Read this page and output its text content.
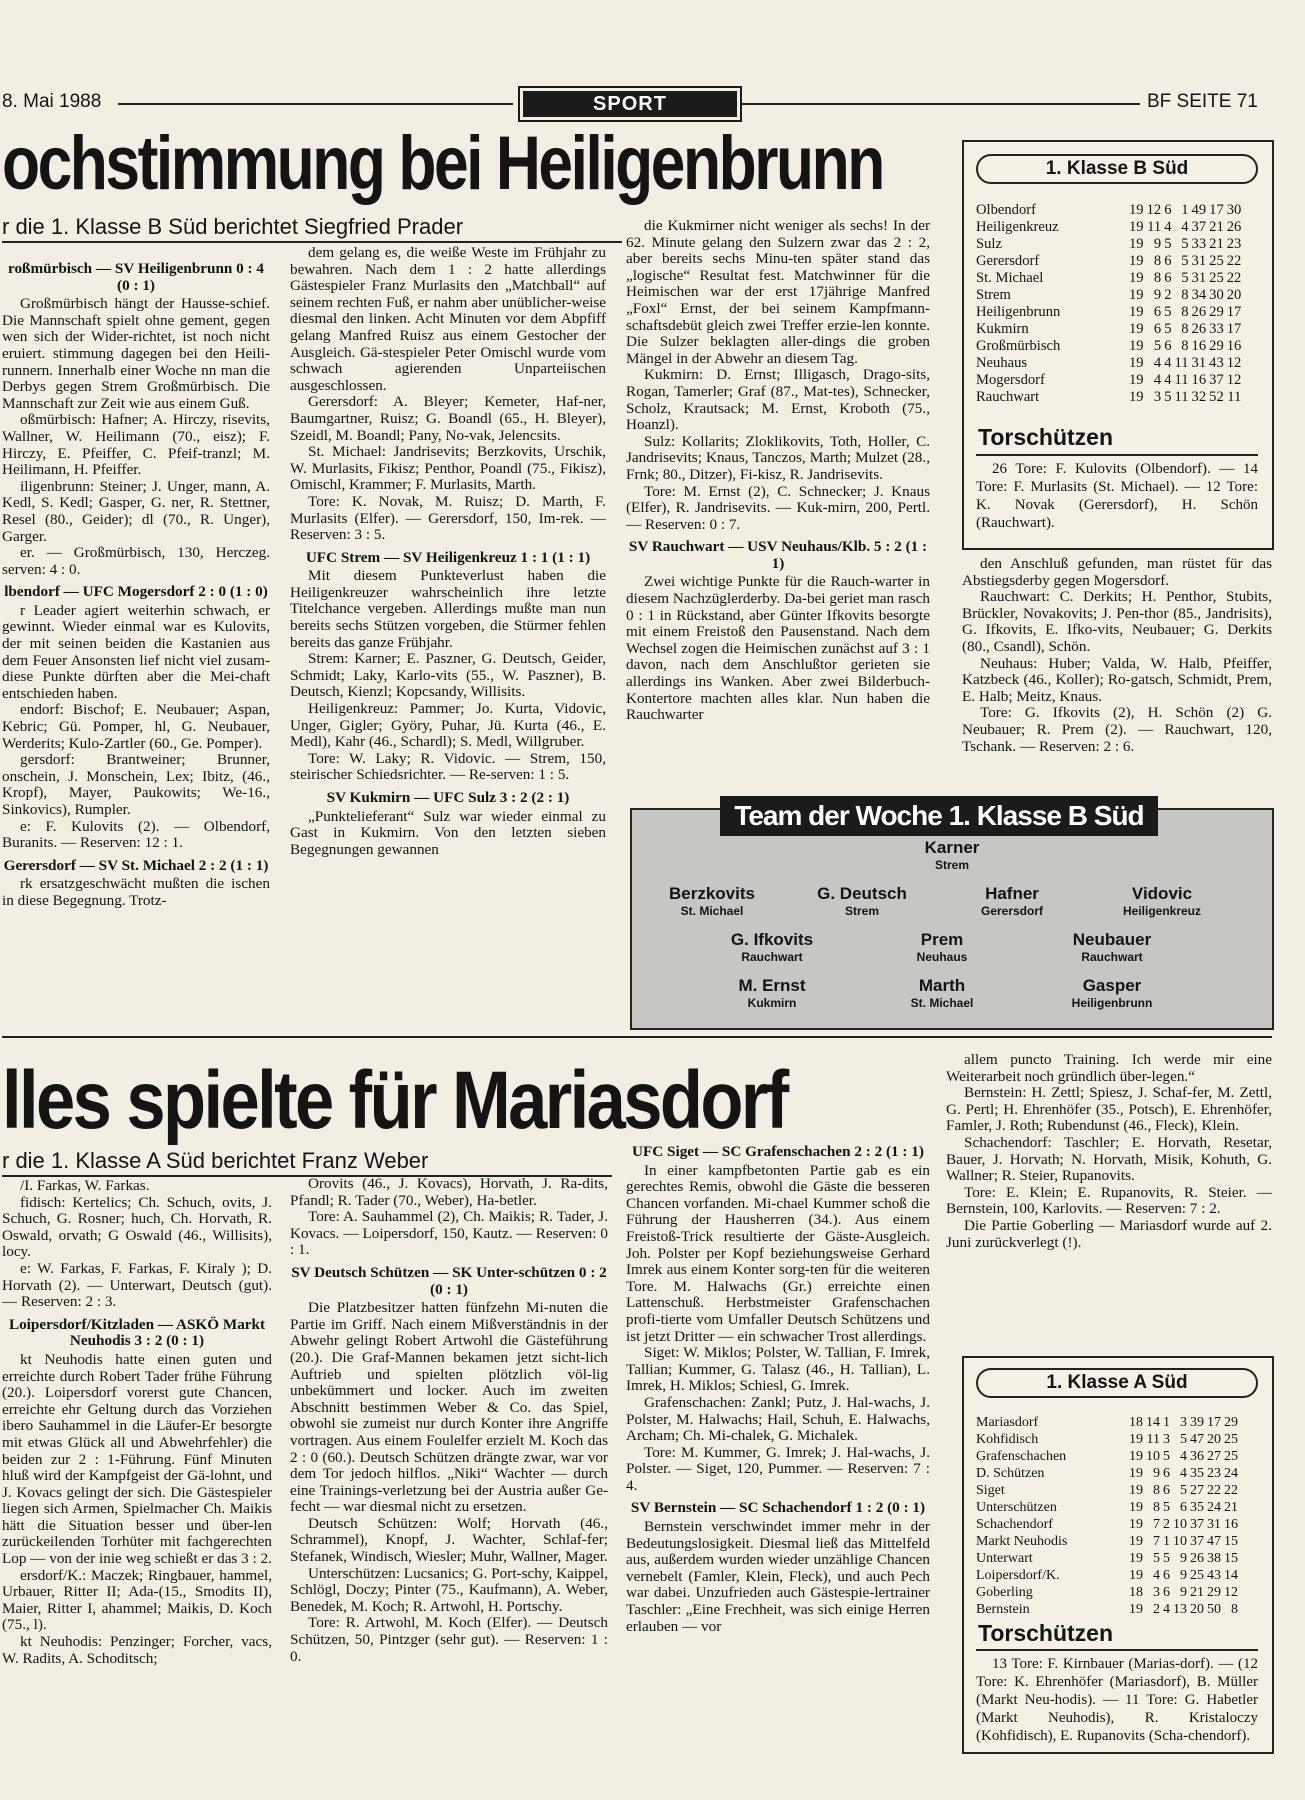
8. Mai 1988	SPORT	BF SEITE 71
ochstimmung bei Heiligenbrunn
r die 1. Klasse B Süd berichtet Siegfried Prader

roßmürbisch — SV Heiligenbrunn 0 : 4 (0 : 1)

Großmürbisch hängt der Hausse-schief. Die Mannschaft spielt ohne gement, gegen wen sich der Wider-richtet, ist noch nicht eruiert. stimmung dagegen bei den Heili-runnern. Innerhalb einer Woche nn man die Derbys gegen Strem Großmürbisch. Die Mannschaft zur Zeit wie aus einem Guß.

oßmürbisch: Hafner; A. Hirczy, risevits, Wallner, W. Heilimann (70., eisz); F. Hirczy, E. Pfeiffer, C. Pfeif-tranzl; M. Heilimann, H. Pfeiffer.

iligenbrunn: Steiner; J. Unger, mann, A. Kedl, S. Kedl; Gasper, G. ner, R. Stettner, Resel (80., Geider); dl (70., R. Unger), Garger.

er. — Großmürbisch, 130, Herczeg. serven: 4 : 0.

lbendorf — UFC Mogersdorf 2 : 0 (1 : 0)

r Leader agiert weiterhin schwach, er gewinnt. Wieder einmal war es Kulovits, der mit seinen beiden die Kastanien aus dem Feuer Ansonsten lief nicht viel zusam-diese Punkte dürften aber die Mei-chaft entschieden haben.

endorf: Bischof; E. Neubauer; Aspan, Kebric; Gü. Pomper, hl, G. Neubauer, Werderits; Kulo-Zartler (60., Ge. Pomper).

gersdorf: Brantweiner; Brunner, onschein, J. Monschein, Lex; Ibitz, (46., Kropf), Mayer, Paukowits; We-16., Sinkovics), Rumpler.

e: F. Kulovits (2). — Olbendorf, Buranits. — Reserven: 12 : 1.

Gerersdorf — SV St. Michael 2 : 2 (1 : 1)

rk ersatzgeschwächt mußten die ischen in diese Begegnung. Trotz-

dem gelang es, die weiße Weste im Frühjahr zu bewahren. Nach dem 1 : 2 hatte allerdings Gästespieler Franz Murlasits den „Matchball“ auf seinem rechten Fuß, er nahm aber unüblicher-weise diesmal den linken. Acht Minuten vor dem Abpfiff gelang Manfred Ruisz aus einem Gestocher der Ausgleich. Gä-stespieler Peter Omischl wurde vom schwach agierenden Unparteiischen ausgeschlossen.

Gerersdorf: A. Bleyer; Kemeter, Haf-ner, Baumgartner, Ruisz; G. Boandl (65., H. Bleyer), Szeidl, M. Boandl; Pany, No-vak, Jelencsits.

St. Michael: Jandrisevits; Berzkovits, Urschik, W. Murlasits, Fikisz; Penthor, Poandl (75., Fikisz), Omischl, Krammer; F. Murlasits, Marth.

Tore: K. Novak, M. Ruisz; D. Marth, F. Murlasits (Elfer). — Gerersdorf, 150, Im-rek. — Reserven: 3 : 5.

UFC Strem — SV Heiligenkreuz 1 : 1 (1 : 1)

Mit diesem Punkteverlust haben die Heiligenkreuzer wahrscheinlich ihre letzte Titelchance vergeben. Allerdings mußte man nun bereits sechs Stützen vorgeben, die Stürmer fehlen bereits das ganze Frühjahr.

Strem: Karner; E. Paszner, G. Deutsch, Geider, Schmidt; Laky, Karlo-vits (55., W. Paszner), B. Deutsch, Kienzl; Kopcsandy, Willisits.

Heiligenkreuz: Pammer; Jo. Kurta, Vidovic, Unger, Gigler; Györy, Puhar, Jü. Kurta (46., E. Medl), Kahr (46., Schardl); S. Medl, Willgruber.

Tore: W. Laky; R. Vidovic. — Strem, 150, steirischer Schiedsrichter. — Re-serven: 1 : 5.

SV Kukmirn — UFC Sulz 3 : 2 (2 : 1)

„Punktelieferant“ Sulz war wieder einmal zu Gast in Kukmirn. Von den letzten sieben Begegnungen gewannen

die Kukmirner nicht weniger als sechs! In der 62. Minute gelang den Sulzern zwar das 2 : 2, aber bereits sechs Minu-ten später stand das „logische“ Resultat fest. Matchwinner für die Heimischen war der erst 17jährige Manfred „Foxl“ Ernst, der bei seinem Kampfmann-schaftsdebüt gleich zwei Treffer erzie-len konnte. Die Sulzer beklagten aller-dings die groben Mängel in der Abwehr an diesem Tag.

Kukmirn: D. Ernst; Illigasch, Drago-sits, Rogan, Tamerler; Graf (87., Mat-tes), Schnecker, Scholz, Krautsack; M. Ernst, Kroboth (75., Hoanzl).

Sulz: Kollarits; Zloklikovits, Toth, Holler, C. Jandrisevits; Knaus, Tanczos, Marth; Mulzet (28., Frnk; 80., Ditzer), Fi-kisz, R. Jandrisevits.

Tore: M. Ernst (2), C. Schnecker; J. Knaus (Elfer), R. Jandrisevits. — Kuk-mirn, 200, Pertl. — Reserven: 0 : 7.

SV Rauchwart — USV Neuhaus/Klb. 5 : 2 (1 : 1)

Zwei wichtige Punkte für die Rauch-warter in diesem Nachzüglerderby. Da-bei geriet man rasch 0 : 1 in Rückstand, aber Günter Ifkovits besorgte mit einem Freistoß den Pausenstand. Nach dem Wechsel zogen die Heimischen zunächst auf 3 : 1 davon, nach dem Anschlußtor gerieten sie allerdings ins Wanken. Aber zwei Bilderbuch-Kontertore machten alles klar. Nun haben die Rauchwarter

den Anschluß gefunden, man rüstet für das Abstiegsderby gegen Mogersdorf.

Rauchwart: C. Derkits; H. Penthor, Stubits, Brückler, Novakovits; J. Pen-thor (85., Jandrisits), G. Ifkovits, E. Ifko-vits, Neubauer; G. Derkits (80., Csandl), Schön.

Neuhaus: Huber; Valda, W. Halb, Pfeiffer, Katzbeck (46., Koller); Ro-gatsch, Schmidt, Prem, E. Halb; Meitz, Knaus.

Tore: G. Ifkovits (2), H. Schön (2) G. Neubauer; R. Prem (2). — Rauchwart, 120, Tschank. — Reserven: 2 : 6.

1. Klasse B Süd
Olbendorf	19	12	6	1	49	17	30
Heiligenkreuz	19	11	4	4	37	21	26
Sulz	19	9	5	5	33	21	23
Gerersdorf	19	8	6	5	31	25	22
St. Michael	19	8	6	5	31	25	22
Strem	19	9	2	8	34	30	20
Heiligenbrunn	19	6	5	8	26	29	17
Kukmirn	19	6	5	8	26	33	17
Großmürbisch	19	5	6	8	16	29	16
Neuhaus	19	4	4	11	31	43	12
Mogersdorf	19	4	4	11	16	37	12
Rauchwart	19	3	5	11	32	52	11
Torschützen
26 Tore: F. Kulovits (Olbendorf). — 14 Tore: F. Murlasits (St. Michael). — 12 Tore: K. Novak (Gerersdorf), H. Schön (Rauchwart).
Team der Woche 1. Klasse B Süd
Karner
Strem
Berzkovits
St. Michael
G. Deutsch
Strem
Hafner
Gerersdorf
Vidovic
Heiligenkreuz
G. Ifkovits
Rauchwart
Prem
Neuhaus
Neubauer
Rauchwart
M. Ernst
Kukmirn
Marth
St. Michael
Gasper
Heiligenbrunn
lles spielte für Mariasdorf
r die 1. Klasse A Süd berichtet Franz Weber

/I. Farkas, W. Farkas.

fidisch: Kertelics; Ch. Schuch, ovits, J. Schuch, G. Rosner; huch, Ch. Horvath, R. Oswald, orvath; G Oswald (46., Willisits), locy.

e: W. Farkas, F. Farkas, F. Kiraly ); D. Horvath (2). — Unterwart, Deutsch (gut). — Reserven: 2 : 3.

Loipersdorf/Kitzladen — ASKÖ Markt Neuhodis 3 : 2 (0 : 1)

kt Neuhodis hatte einen guten und erreichte durch Robert Tader frühe Führung (20.). Loipersdorf vorerst gute Chancen, erreichte ehr Geltung durch das Vorziehen ibero Sauhammel in die Läufer-Er besorgte mit etwas Glück all und Abwehrfehler) die beiden zur 2 : 1-Führung. Fünf Minuten hluß wird der Kampfgeist der Gä-lohnt, und J. Kovacs gelingt der sich. Die Gästespieler liegen sich Armen, Spielmacher Ch. Maikis hätt die Situation besser und über-len zurückeilenden Torhüter mit fachgerechten Lop — von der inie weg schießt er das 3 : 2.

ersdorf/K.: Maczek; Ringbauer, hammel, Urbauer, Ritter II; Ada-(15., Smodits II), Maier, Ritter I, ahammel; Maikis, D. Koch (75., l).

kt Neuhodis: Penzinger; Forcher, vacs, W. Radits, A. Schoditsch;

Orovits (46., J. Kovacs), Horvath, J. Ra-dits, Pfandl; R. Tader (70., Weber), Ha-betler.

Tore: A. Sauhammel (2), Ch. Maikis; R. Tader, J. Kovacs. — Loipersdorf, 150, Kautz. — Reserven: 0 : 1.

SV Deutsch Schützen — SK Unter-schützen 0 : 2 (0 : 1)

Die Platzbesitzer hatten fünfzehn Mi-nuten die Partie im Griff. Nach einem Mißverständnis in der Abwehr gelingt Robert Artwohl die Gästeführung (20.). Die Graf-Mannen bekamen jetzt sicht-lich Auftrieb und spielten plötzlich völ-lig unbekümmert und locker. Auch im zweiten Abschnitt bestimmen Weber & Co. das Spiel, obwohl sie zumeist nur durch Konter ihre Angriffe vortragen. Aus einem Foulelfer erzielt M. Koch das 2 : 0 (60.). Deutsch Schützen drängte zwar, war vor dem Tor jedoch hilflos. „Niki“ Wachter — durch eine Trainings-verletzung bei der Austria außer Ge-fecht — war diesmal nicht zu ersetzen.

Deutsch Schützen: Wolf; Horvath (46., Schrammel), Knopf, J. Wachter, Schlaf-fer; Stefanek, Windisch, Wiesler; Muhr, Wallner, Mager.

Unterschützen: Lucsanics; G. Port-schy, Kaippel, Schlögl, Doczy; Pinter (75., Kaufmann), A. Weber, Benedek, M. Koch; R. Artwohl, H. Portschy.

Tore: R. Artwohl, M. Koch (Elfer). — Deutsch Schützen, 50, Pintzger (sehr gut). — Reserven: 1 : 0.

UFC Siget — SC Grafenschachen 2 : 2 (1 : 1)

In einer kampfbetonten Partie gab es ein gerechtes Remis, obwohl die Gäste die besseren Chancen vorfanden. Mi-chael Kummer schoß die Führung der Hausherren (34.). Aus einem Freistoß-Trick resultierte der Gäste-Ausgleich. Joh. Polster per Kopf beziehungsweise Gerhard Imrek aus einem Konter sorg-ten für die weiteren Tore. M. Halwachs (Gr.) erreichte einen Lattenschuß. Herbstmeister Grafenschachen profi-tierte vom Umfaller Deutsch Schützens und ist jetzt Dritter — ein schwacher Trost allerdings.

Siget: W. Miklos; Polster, W. Tallian, F. Imrek, Tallian; Kummer, G. Talasz (46., H. Tallian), L. Imrek, H. Miklos; Schiesl, G. Imrek.

Grafenschachen: Zankl; Putz, J. Hal-wachs, J. Polster, M. Halwachs; Hail, Schuh, E. Halwachs, Archam; Ch. Mi-chalek, G. Michalek.

Tore: M. Kummer, G. Imrek; J. Hal-wachs, J. Polster. — Siget, 120, Pummer. — Reserven: 7 : 4.

SV Bernstein — SC Schachendorf 1 : 2 (0 : 1)

Bernstein verschwindet immer mehr in der Bedeutungslosigkeit. Diesmal ließ das Mittelfeld aus, außerdem wurden wieder unzählige Chancen vernebelt (Famler, Klein, Fleck), und auch Pech war dabei. Unzufrieden auch Gästespie-lertrainer Taschler: „Eine Frechheit, was sich einige Herren erlauben — vor

allem puncto Training. Ich werde mir eine Weiterarbeit noch gründlich über-legen.“

Bernstein: H. Zettl; Spiesz, J. Schaf-fer, M. Zettl, G. Pertl; H. Ehrenhöfer (35., Potsch), E. Ehrenhöfer, Famler, J. Roth; Rubendunst (46., Fleck), Klein.

Schachendorf: Taschler; E. Horvath, Resetar, Bauer, J. Horvath; N. Horvath, Misik, Kohuth, G. Wallner; R. Steier, Rupanovits.

Tore: E. Klein; E. Rupanovits, R. Steier. — Bernstein, 100, Karlovits. — Reserven: 7 : 2.

Die Partie Goberling — Mariasdorf wurde auf 2. Juni zurückverlegt (!).

1. Klasse A Süd
Mariasdorf	18	14	1	3	39	17	29
Kohfidisch	19	11	3	5	47	20	25
Grafenschachen	19	10	5	4	36	27	25
D. Schützen	19	9	6	4	35	23	24
Siget	19	8	6	5	27	22	22
Unterschützen	19	8	5	6	35	24	21
Schachendorf	19	7	2	10	37	31	16
Markt Neuhodis	19	7	1	10	37	47	15
Unterwart	19	5	5	9	26	38	15
Loipersdorf/K.	19	4	6	9	25	43	14
Goberling	18	3	6	9	21	29	12
Bernstein	19	2	4	13	20	50	8
Torschützen
13 Tore: F. Kirnbauer (Marias-dorf). — (12 Tore: K. Ehrenhöfer (Mariasdorf), B. Müller (Markt Neu-hodis). — 11 Tore: G. Habetler (Markt Neuhodis), R. Kristaloczy (Kohfidisch), E. Rupanovits (Scha-chendorf).
